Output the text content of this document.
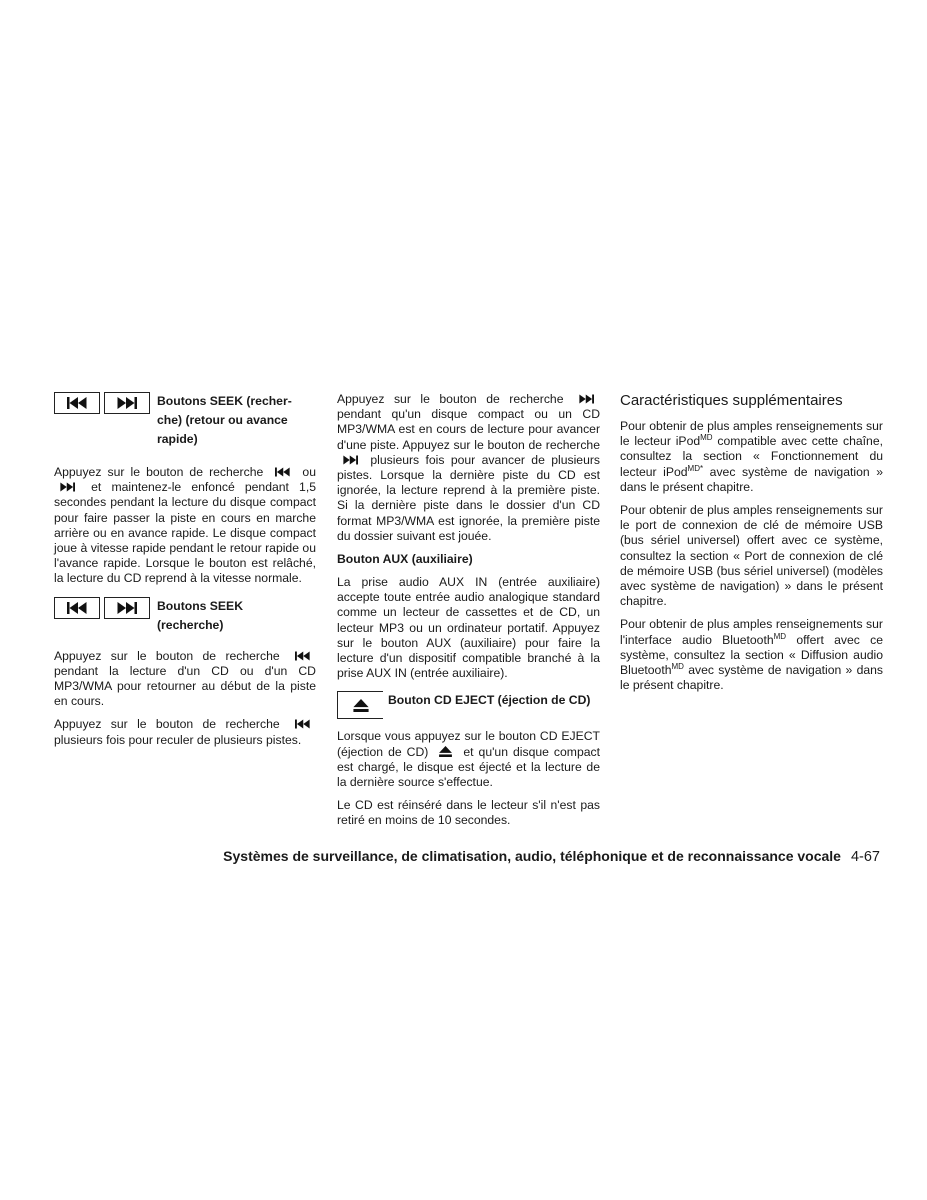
Boutons SEEK (recher-che) (retour ou avance rapide)

Appuyez sur le bouton de recherche	ou  et maintenez-le enfoncé pendant 1,5 secondes pendant la lecture du disque compact pour faire passer la piste en cours en marche arrière ou en avance rapide. Le disque compact joue à vitesse rapide pendant le retour rapide ou l'avance rapide. Lorsque le bouton est relâché, la lecture du CD reprend à la vitesse normale.

Boutons SEEK (recherche)

Appuyez sur le bouton de recherche  pendant la lecture d'un CD ou d'un CD MP3/WMA pour retourner au début de la piste en cours.

Appuyez sur le bouton de recherche  plusieurs fois pour reculer de plusieurs pistes.

Appuyez sur le bouton de recherche  pendant qu'un disque compact ou un CD MP3/WMA est en cours de lecture pour avancer d'une piste. Appuyez sur le bouton de recherche  plusieurs fois pour avancer de plusieurs pistes. Lorsque la dernière piste du CD est ignorée, la lecture reprend à la première piste. Si la dernière piste dans le dossier d'un CD format MP3/WMA est ignorée, la première piste du dossier suivant est jouée.

Bouton AUX (auxiliaire)

La prise audio AUX IN (entrée auxiliaire) accepte toute entrée audio analogique standard comme un lecteur de cassettes et de CD, un lecteur MP3 ou un ordinateur portatif. Appuyez sur le bouton AUX (auxiliaire) pour faire la lecture d'un dispositif compatible branché à la prise AUX IN (entrée auxiliaire).

Bouton CD EJECT (éjection de CD)

Lorsque vous appuyez sur le bouton CD EJECT (éjection de CD)	et qu'un disque compact est chargé, le disque est éjecté et la lecture de la dernière source s'effectue.

Le CD est réinséré dans le lecteur s'il n'est pas retiré en moins de 10 secondes.

Caractéristiques supplémentaires

Pour obtenir de plus amples renseignements sur le lecteur iPod$^{MD}$ compatible avec cette chaîne, consultez la section « Fonctionnement du lecteur iPod$^{MD*}$ avec système de navigation » dans le présent chapitre.

Pour obtenir de plus amples renseignements sur le port de connexion de clé de mémoire USB (bus sériel universel) offert avec ce système, consultez la section « Port de connexion de clé de mémoire USB (bus sériel universel) (modèles avec système de navigation) » dans le présent chapitre.

Pour obtenir de plus amples renseignements sur l'interface audio Bluetooth$^{MD}$ offert avec ce système, consultez la section « Diffusion audio Bluetooth$^{MD}$ avec système de navigation » dans le présent chapitre.

Systèmes de surveillance, de climatisation, audio, téléphonique et de reconnaissance vocale 4-67
